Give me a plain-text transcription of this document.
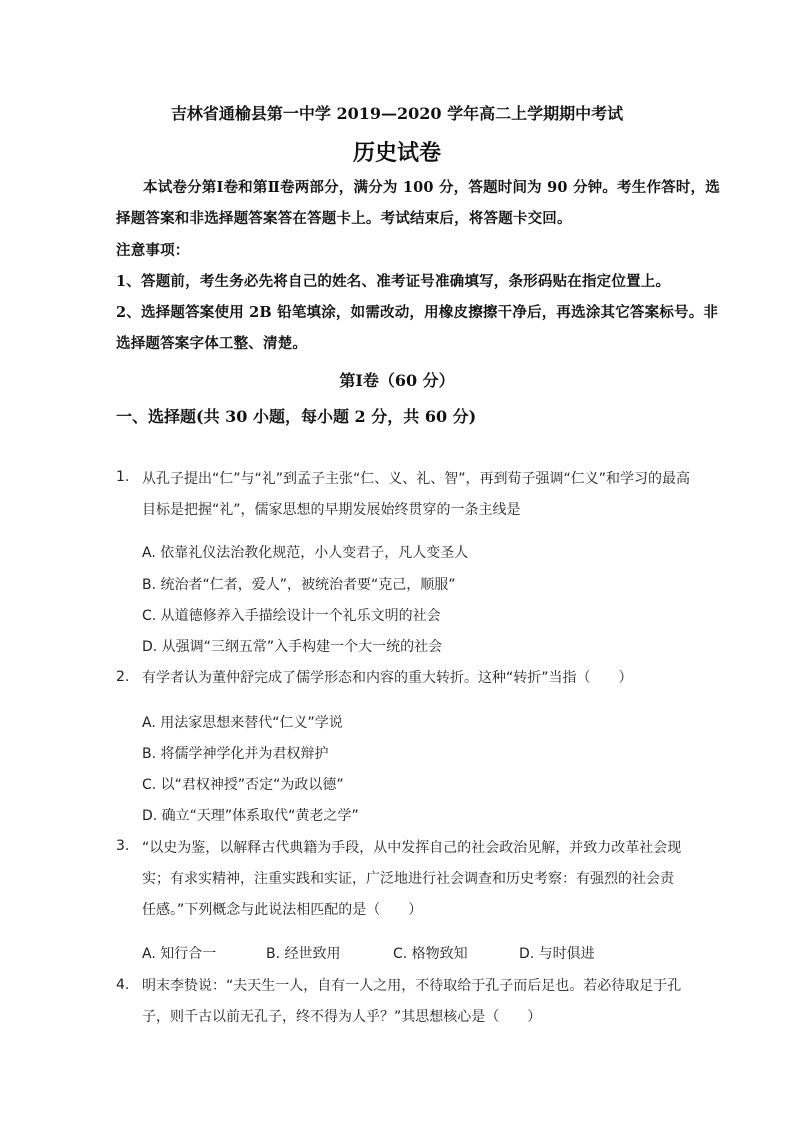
吉林省通榆县第一中学 2019—2020 学年高二上学期期中考试
历史试卷
本试卷分第Ⅰ卷和第Ⅱ卷两部分，满分为 100 分，答题时间为 90 分钟。考生作答时，选
择题答案和非选择题答案答在答题卡上。考试结束后，将答题卡交回。
注意事项：
1、答题前，考生务必先将自己的姓名、准考证号准确填写，条形码贴在指定位置上。
2、选择题答案使用 2B 铅笔填涂，如需改动，用橡皮擦擦干净后，再选涂其它答案标号。非
选择题答案字体工整、清楚。
第Ⅰ卷（60 分）
一、选择题(共 30 小题，每小题 2 分，共 60 分)
1. 从孔子提出“仁”与“礼”到孟子主张“仁、义、礼、智”，再到荀子强调“仁义”和学习的最高
目标是把握“礼”，儒家思想的早期发展始终贯穿的一条主线是
A. 依靠礼仪法治教化规范，小人变君子，凡人变圣人
B. 统治者“仁者，爱人”，被统治者要“克己，顺服”
C. 从道德修养入手描绘设计一个礼乐文明的社会
D. 从强调“三纲五常”入手构建一个大一统的社会
2. 有学者认为董仲舒完成了儒学形态和内容的重大转折。这种“转折”当指（　　）
A. 用法家思想来替代“仁义”学说
B. 将儒学神学化并为君权辩护
C. 以“君权神授”否定“为政以德”
D. 确立“天理”体系取代“黄老之学”
3. “以史为鉴，以解释古代典籍为手段，从中发挥自己的社会政治见解，并致力改革社会现
实；有求实精神，注重实践和实证，广泛地进行社会调查和历史考察：有强烈的社会责
任感。”下列概念与此说法相匹配的是（　　）
A. 知行合一	B. 经世致用	C. 格物致知	D. 与时俱进
4. 明末李贽说：“夫天生一人，自有一人之用，不待取给于孔子而后足也。若必待取足于孔
子，则千古以前无孔子，终不得为人乎？”其思想核心是（　　）
